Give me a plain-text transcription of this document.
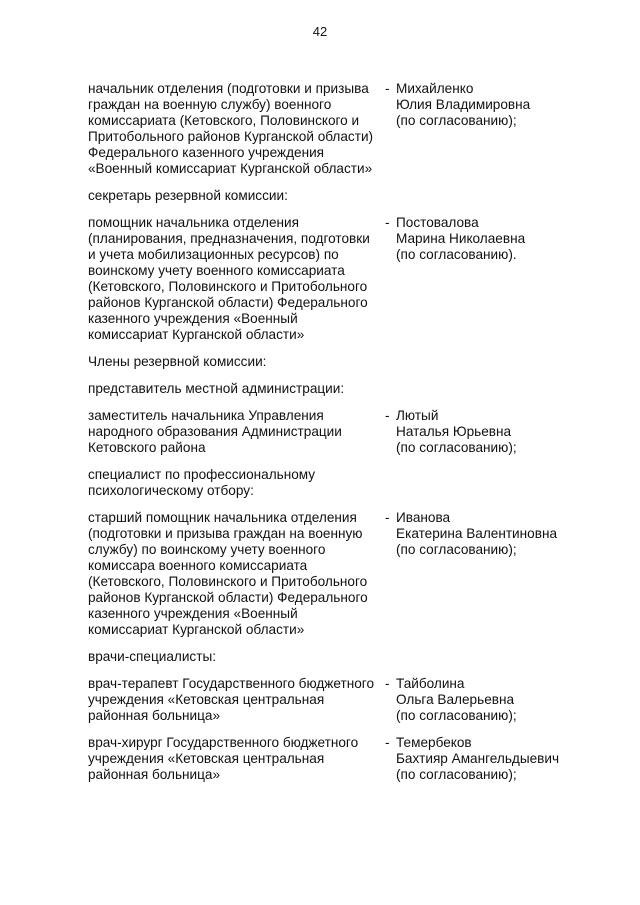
42
начальник отделения (подготовки и призыва
граждан на военную службу) военного
комиссариата (Кетовского, Половинского и
Притобольного районов Курганской области)
Федерального казенного учреждения
«Военный комиссариат Курганской области»
- Михайленко
Юлия Владимировна
(по согласованию);
секретарь резервной комиссии:
помощник начальника отделения
(планирования, предназначения, подготовки
и учета мобилизационных ресурсов) по
воинскому учету военного комиссариата
(Кетовского, Половинского и Притобольного
районов Курганской области) Федерального
казенного учреждения «Военный
комиссариат Курганской области»
- Постовалова
Марина Николаевна
(по согласованию).
Члены резервной комиссии:
представитель местной администрации:
заместитель начальника Управления
народного образования Администрации
Кетовского района
- Лютый
Наталья Юрьевна
(по согласованию);
специалист по профессиональному
психологическому отбору:
старший помощник начальника отделения
(подготовки и призыва граждан на военную
службу) по воинскому учету военного
комиссара военного комиссариата
(Кетовского, Половинского и Притобольного
районов Курганской области) Федерального
казенного учреждения «Военный
комиссариат Курганской области»
- Иванова
Екатерина Валентиновна
(по согласованию);
врачи-специалисты:
врач-терапевт Государственного бюджетного
учреждения «Кетовская центральная
районная больница»
- Тайболина
Ольга Валерьевна
(по согласованию);
врач-хирург Государственного бюджетного
учреждения «Кетовская центральная
районная больница»
- Темербеков
Бахтияр Амангельдыевич
(по согласованию);
